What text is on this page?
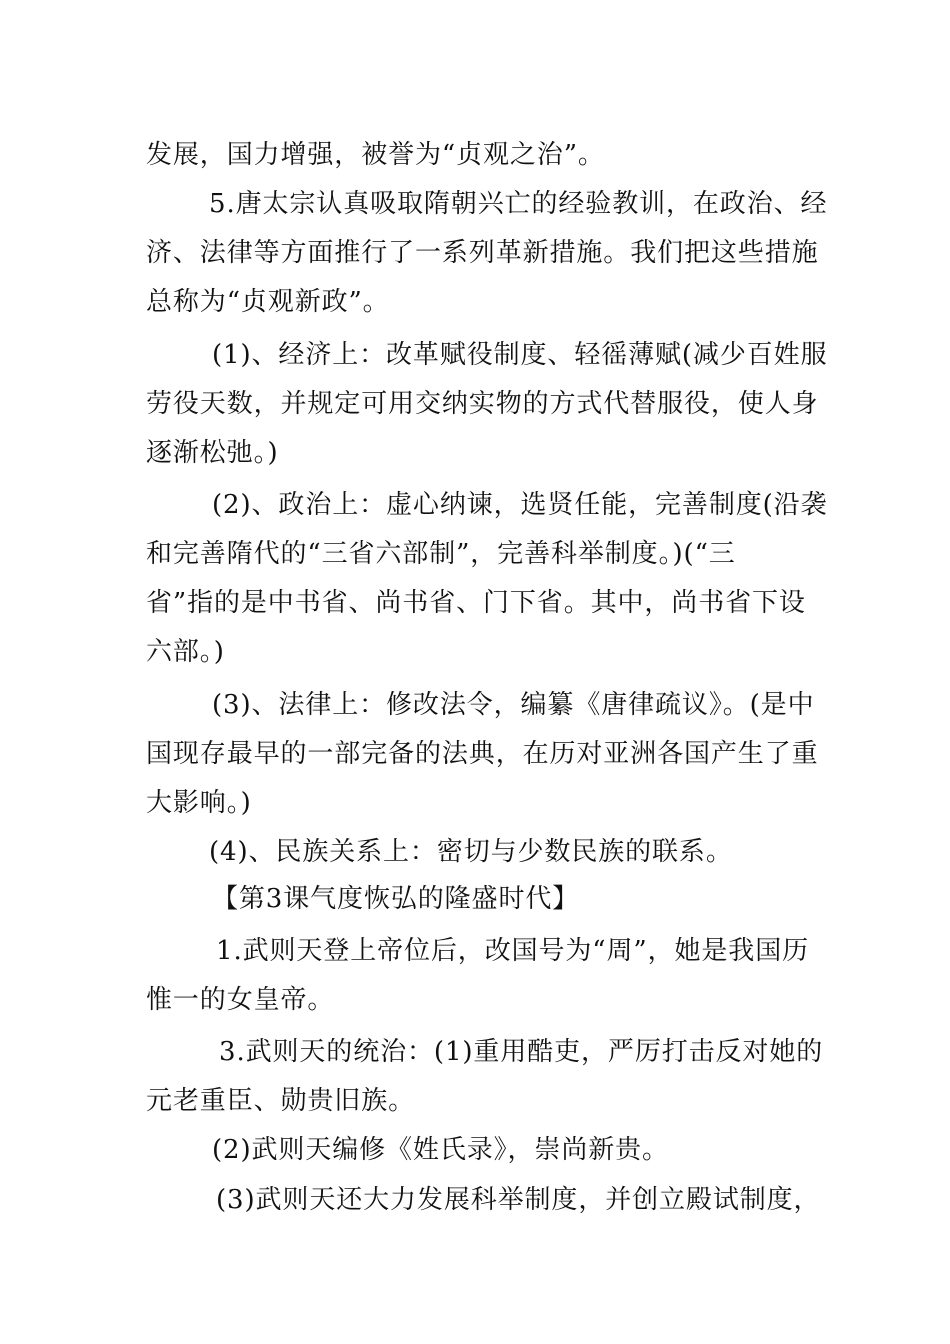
发展，国力增强，被誉为“贞观之治”。
5.唐太宗认真吸取隋朝兴亡的经验教训，在政治、经
济、法律等方面推行了一系列革新措施。我们把这些措施
总称为“贞观新政”。
(1)、经济上：改革赋役制度、轻徭薄赋(减少百姓服
劳役天数，并规定可用交纳实物的方式代替服役，使人身
逐渐松弛。)
(2)、政治上：虚心纳谏，选贤任能，完善制度(沿袭
和完善隋代的“三省六部制”，完善科举制度。)(“三
省”指的是中书省、尚书省、门下省。其中，尚书省下设
六部。)
(3)、法律上：修改法令，编纂《唐律疏议》。(是中
国现存最早的一部完备的法典，在历对亚洲各国产生了重
大影响。)
(4)、民族关系上：密切与少数民族的联系。
【第3课气度恢弘的隆盛时代】
1.武则天登上帝位后，改国号为“周”，她是我国历
惟一的女皇帝。
3.武则天的统治：(1)重用酷吏，严厉打击反对她的
元老重臣、勋贵旧族。
(2)武则天编修《姓氏录》，崇尚新贵。
(3)武则天还大力发展科举制度，并创立殿试制度，
